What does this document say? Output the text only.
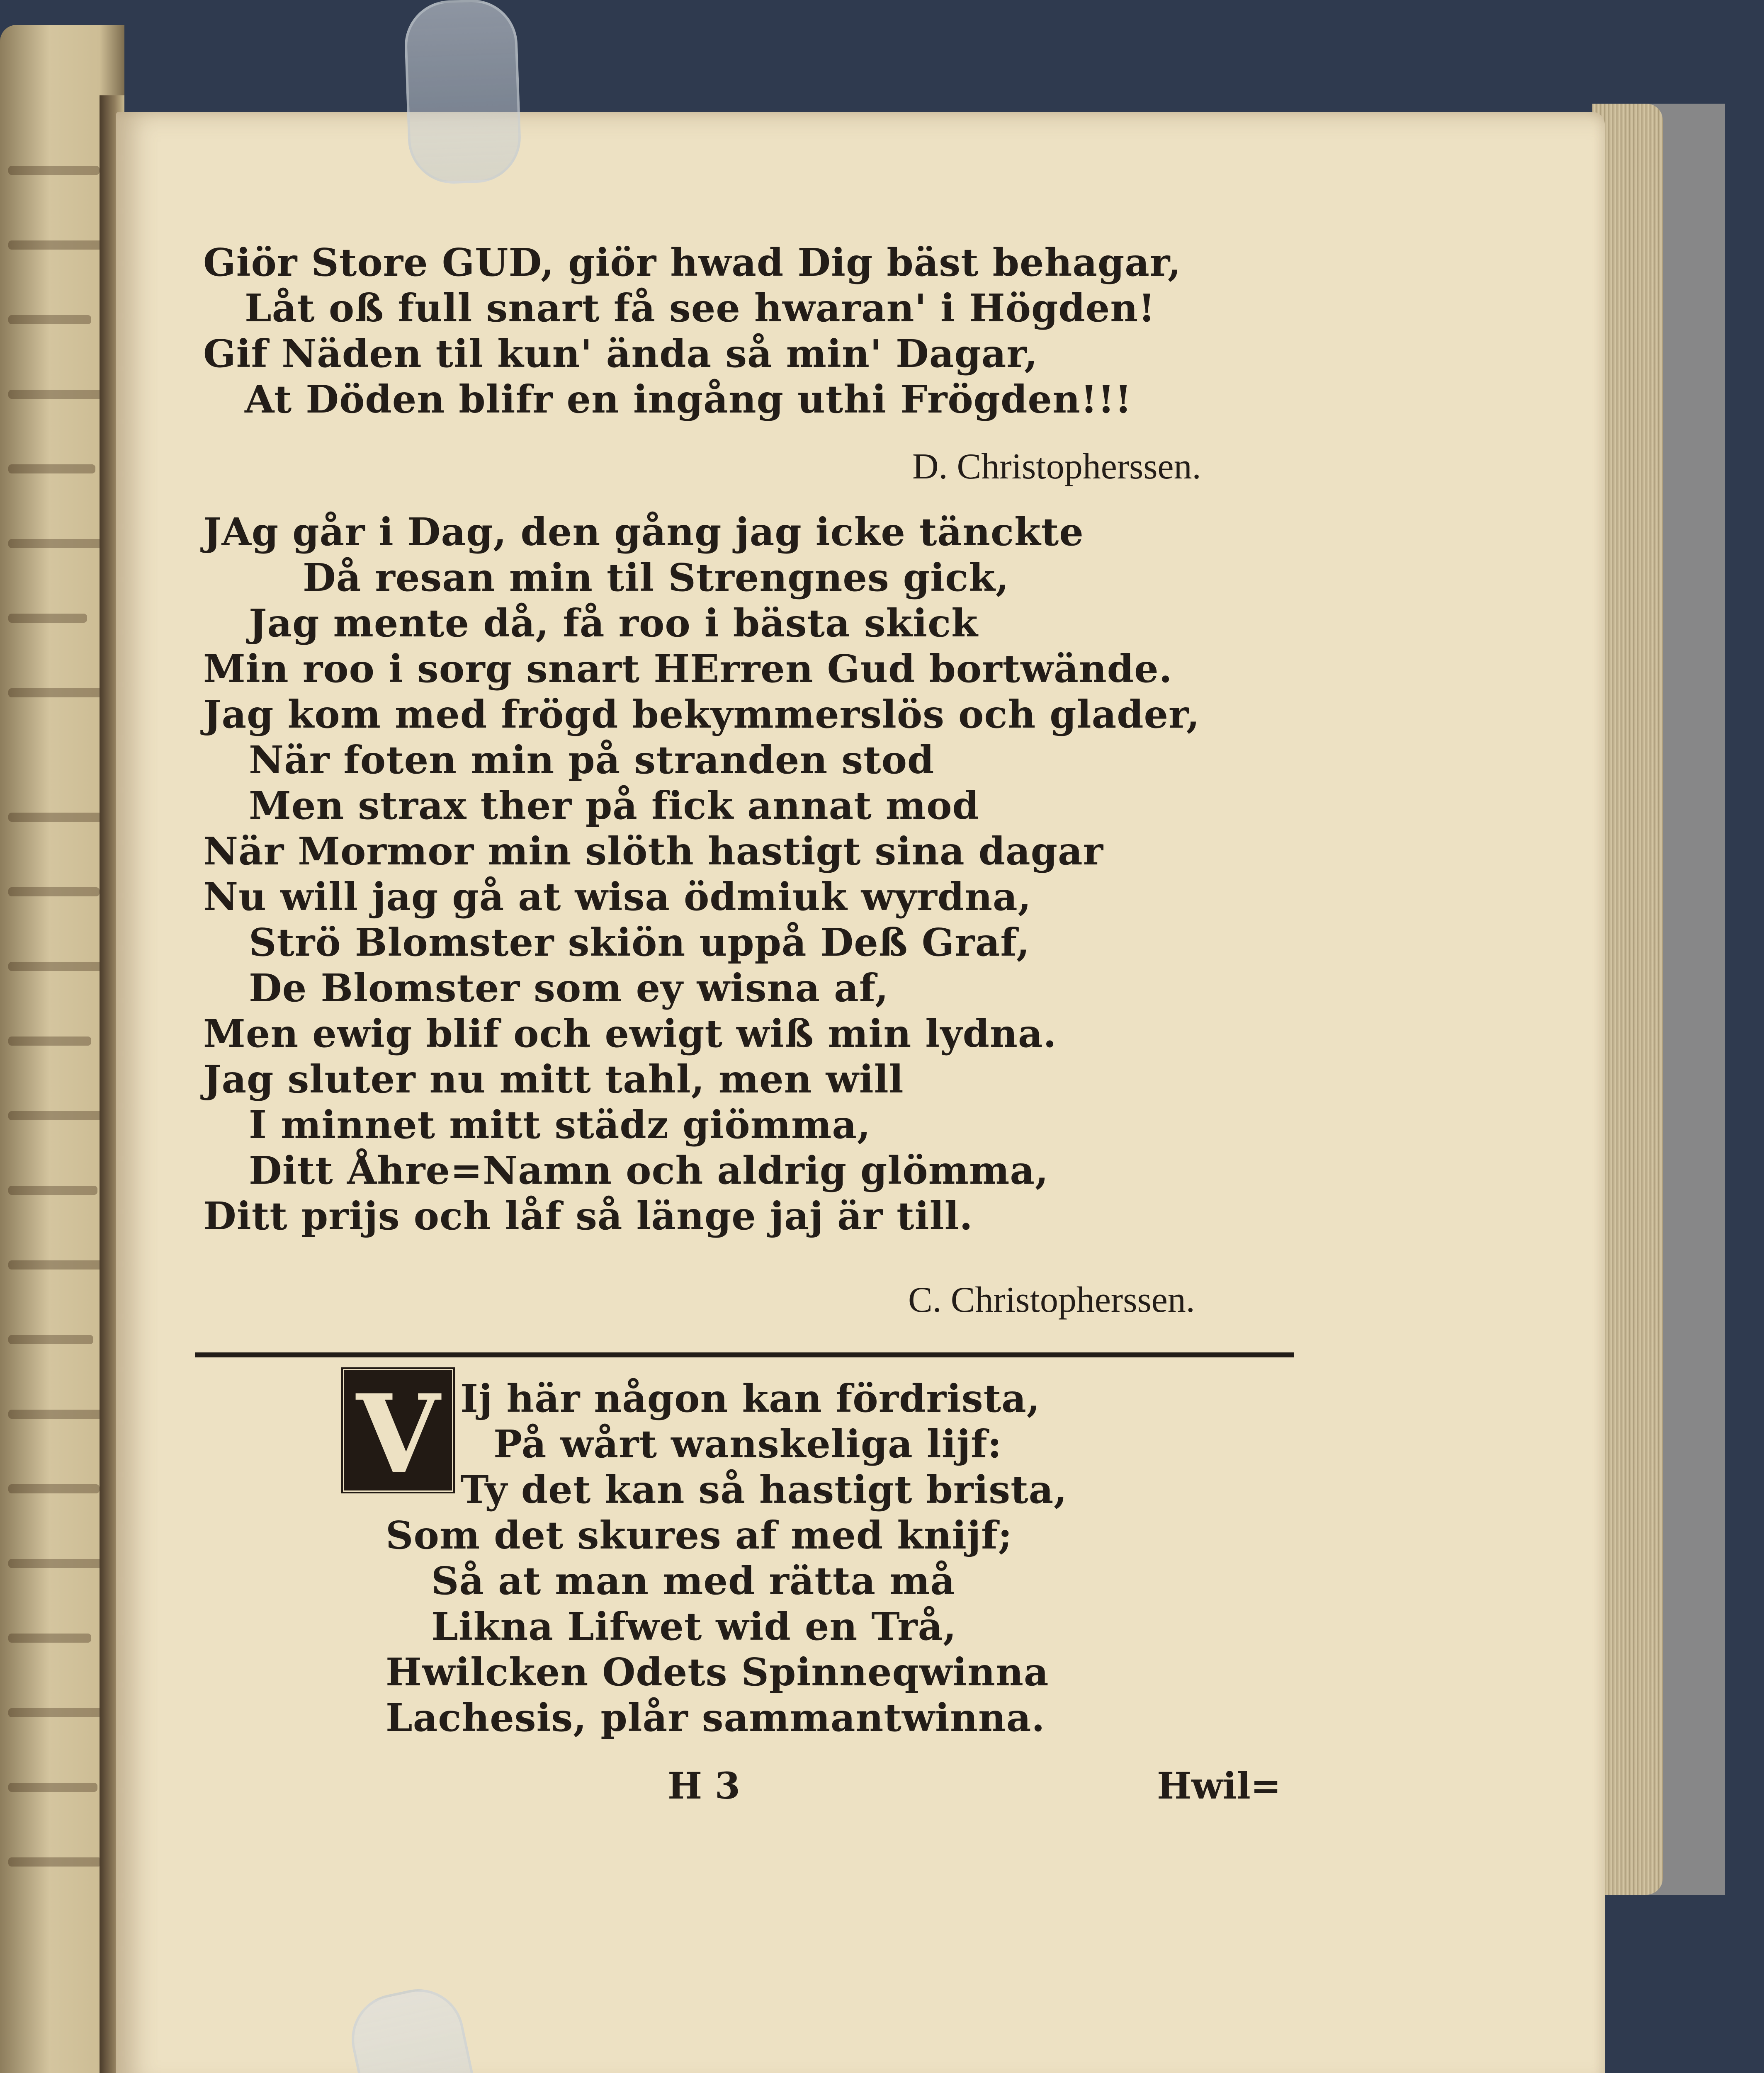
Giör Store GUD, giör hwad Dig bäst behagar,
Låt oß full snart få see hwaran' i Högden!
Gif Näden til kun' ända så min' Dagar,
At Döden blifr en ingång uthi Frögden!!!
D. Christopherssen.
JAg går i Dag, den gång jag icke tänckte
Då resan min til Strengnes gick,
Jag mente då, få roo i bästa skick
Min roo i sorg snart HErren Gud bortwände.
Jag kom med frögd bekymmerslös och glader,
När foten min på stranden stod
Men strax ther på fick annat mod
När Mormor min slöth hastigt sina dagar
Nu will jag gå at wisa ödmiuk wyrdna,
Strö Blomster skiön uppå Deß Graf,
De Blomster som ey wisna af,
Men ewig blif och ewigt wiß min lydna.
Jag sluter nu mitt tahl, men will
I minnet mitt städz giömma,
Ditt Åhre=Namn och aldrig glömma,
Ditt prijs och låf så länge jaj är till.
C. Christopherssen.
V Ij här någon kan fördrista,
På wårt wanskeliga lijf:
Ty det kan så hastigt brista,
Som det skures af med knijf;
Så at man med rätta må
Likna Lifwet wid en Trå,
Hwilcken Odets Spinneqwinna
Lachesis, plår sammantwinna.
H 3	Hwil=
